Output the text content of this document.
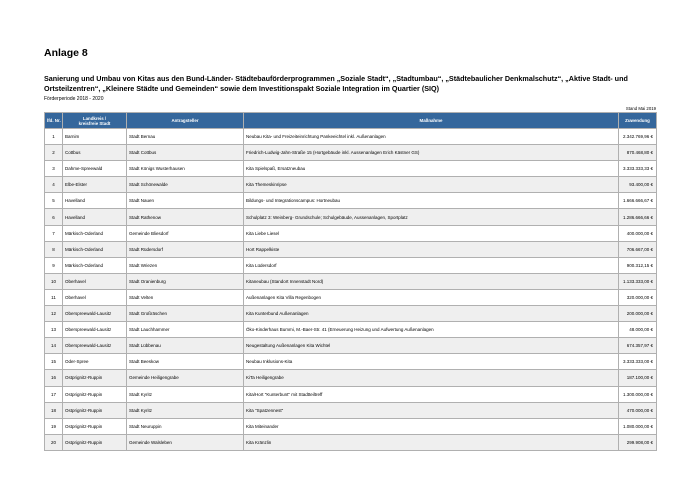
Anlage 8
Sanierung und Umbau von Kitas aus den Bund-Länder- Städtebauförderprogrammen „Soziale Stadt“, „Stadtumbau“, „Städtebaulicher Denkmalschutz“, „Aktive Stadt- und Ortsteilzentren“, „Kleinere Städte und Gemeinden“ sowie dem Investitionspakt Soziale Integration im Quartier (SIQ)
Förderperiode 2018 - 2020
Stand Mai 2019
lfd. Nr.	Landkreis /
kreisfreie Stadt	Antragsteller	Maßnahme	Zuwendung
1	Barnim	Stadt Bernau	Neubau Kita- und Freizeiteinrichtung Pankeeichtel inkl. Außenanlagen	2.342.769,96 €
2	Cottbus	Stadt Cottbus	Friedrich-Ludwig-Jahn-Straße 15 (Hortgebäude inkl. Aussenanlagen Erich Kästner GS)	870.468,80 €
3	Dahme-Spreewald	Stadt Königs Wusterhausen	Kita Spielspaß, Ersatzneubau	3.333.333,33 €
4	Elbe-Elster	Stadt Schönewalde	Kita Themeskinripse	93.400,00 €
5	Havelland	Stadt Nauen	Bildungs- und Integrationscampus: Hortneubau	1.666.666,67 €
6	Havelland	Stadt Rathenow	Schulplatz 3: Weinberg- Grundschule; Schulgebäude, Aussenanlagen, Sportplatz	1.286.666,66 €
7	Märkisch-Oderland	Gemeinde Bliesdorf	Kita Liebe Liesel	400.000,00 €
8	Märkisch-Oderland	Stadt Rüdersdorf	Hort Rappelkiste	706.667,00 €
9	Märkisch-Oderland	Stadt Wriezen	Kita Lüdersdorf	900.312,15 €
10	Oberhavel	Stadt Oranienburg	Kitaneubau (Standort Innenstadt Nord)	1.133.333,00 €
11	Oberhavel	Stadt Velten	Außenanlagen Kita Villa Regenbogen	320.000,00 €
12	Oberspreewald-Lausitz	Stadt Großräschen	Kita Kunterbund Außenanlagen	200.000,00 €
13	Oberspreewald-Lausitz	Stadt Lauchhammer	Öko-Kinderhaus Bummi, M.-Baer-Str. 41 (Erneuerung Heizung und Aufwertung Außenanlagen	48.000,00 €
14	Oberspreewald-Lausitz	Stadt Lübbenau	Neugestaltung Außenanlagen Kita Wichtel	674.357,97 €
15	Oder-Spree	Stadt Beeskow	Neubau Inklusions-Kita	3.333.333,00 €
16	Ostprignitz-Ruppin	Gemeinde Heiligengrabe	KiTa Heiligengrabe	187.100,00 €
17	Ostprignitz-Ruppin	Stadt Kyritz	Kita/Hort "Kunterbunt" mit Stadtteiltreff	1.300.000,00 €
18	Ostprignitz-Ruppin	Stadt Kyritz	Kita "Spatzennest"	470.000,00 €
19	Ostprignitz-Ruppin	Stadt Neuruppin	Kita Miteinander	1.080.000,00 €
20	Ostprignitz-Ruppin	Gemeinde Walsleben	Kita Kränzlin	299.908,00 €
